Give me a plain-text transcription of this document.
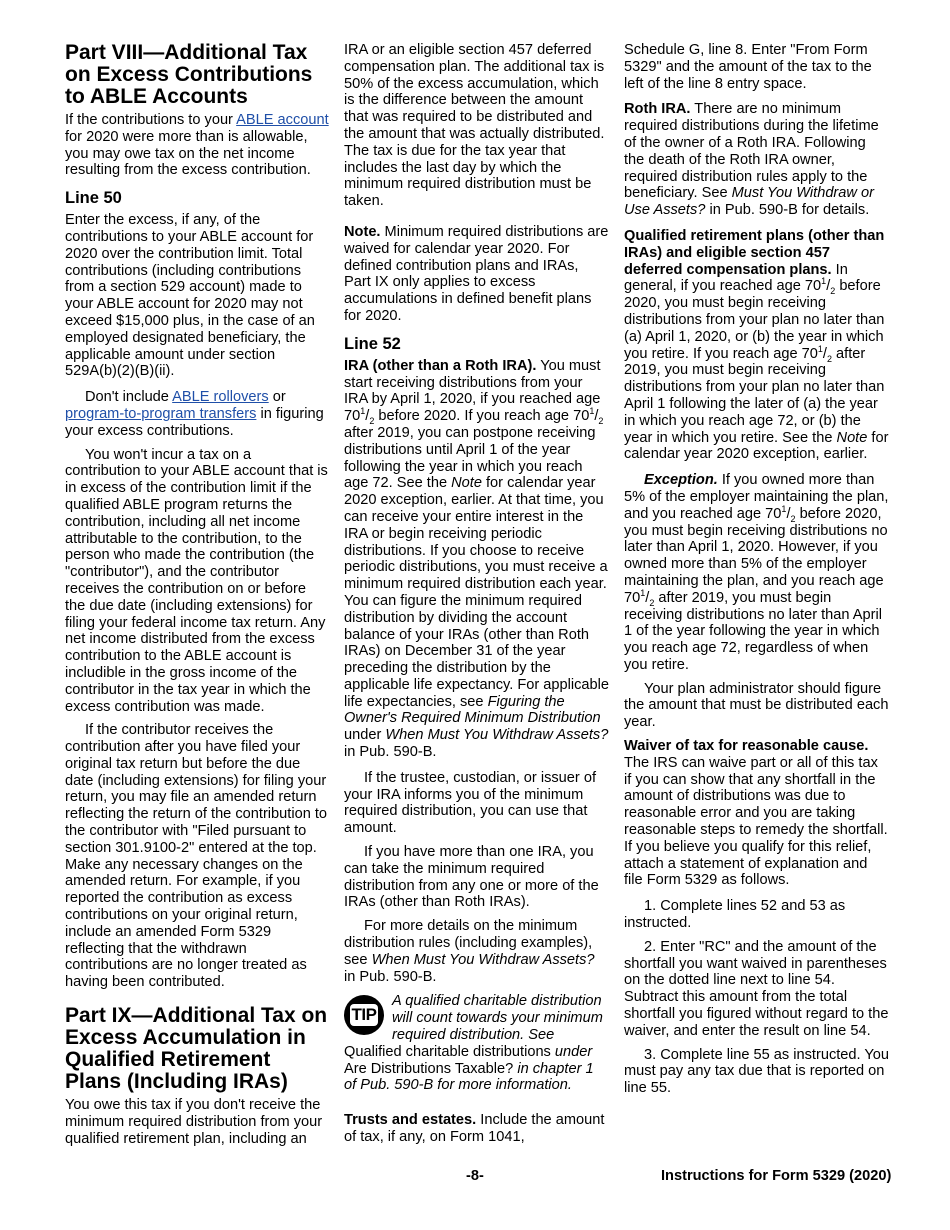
Part VIII—Additional Tax on Excess Contributions to ABLE Accounts

If the contributions to your ABLE account for 2020 were more than is allowable, you may owe tax on the net income resulting from the excess contribution.

Line 50

Enter the excess, if any, of the contributions to your ABLE account for 2020 over the contribution limit. Total contributions (including contributions from a section 529 account) made to your ABLE account for 2020 may not exceed $15,000 plus, in the case of an employed designated beneficiary, the applicable amount under section 529A(b)(2)(B)(ii).

Don't include ABLE rollovers or program-to-program transfers in figuring your excess contributions.

You won't incur a tax on a contribution to your ABLE account that is in excess of the contribution limit if the qualified ABLE program returns the contribution, including all net income attributable to the contribution, to the person who made the contribution (the "contributor"), and the contributor receives the contribution on or before the due date (including extensions) for filing your federal income tax return. Any net income distributed from the excess contribution to the ABLE account is includible in the gross income of the contributor in the tax year in which the excess contribution was made.

If the contributor receives the contribution after you have filed your original tax return but before the due date (including extensions) for filing your return, you may file an amended return reflecting the return of the contribution to the contributor with "Filed pursuant to section 301.9100-2" entered at the top. Make any necessary changes on the amended return. For example, if you reported the contribution as excess contributions on your original return, include an amended Form 5329 reflecting that the withdrawn contributions are no longer treated as having been contributed.

Part IX—Additional Tax on Excess Accumulation in Qualified Retirement Plans (Including IRAs)

You owe this tax if you don't receive the minimum required distribution from your qualified retirement plan, including an

IRA or an eligible section 457 deferred compensation plan. The additional tax is 50% of the excess accumulation, which is the difference between the amount that was required to be distributed and the amount that was actually distributed. The tax is due for the tax year that includes the last day by which the minimum required distribution must be taken.

Note. Minimum required distributions are waived for calendar year 2020. For defined contribution plans and IRAs, Part IX only applies to excess accumulations in defined benefit plans for 2020.

Line 52

IRA (other than a Roth IRA). You must start receiving distributions from your IRA by April 1, 2020, if you reached age $70^1/_2$ before 2020. If you reach age $70^1/_2$ after 2019, you can postpone receiving distributions until April 1 of the year following the year in which you reach age 72. See the Note for calendar year 2020 exception, earlier. At that time, you can receive your entire interest in the IRA or begin receiving periodic distributions. If you choose to receive periodic distributions, you must receive a minimum required distribution each year. You can figure the minimum required distribution by dividing the account balance of your IRAs (other than Roth IRAs) on December 31 of the year preceding the distribution by the applicable life expectancy. For applicable life expectancies, see Figuring the Owner's Required Minimum Distribution under When Must You Withdraw Assets? in Pub. 590-B.

If the trustee, custodian, or issuer of your IRA informs you of the minimum required distribution, you can use that amount.

If you have more than one IRA, you can take the minimum required distribution from any one or more of the IRAs (other than Roth IRAs).

For more details on the minimum distribution rules (including examples), see When Must You Withdraw Assets? in Pub. 590-B.

TIP
A qualified charitable distribution will count towards your minimum required distribution. See Qualified charitable distributions under Are Distributions Taxable? in chapter 1 of Pub. 590-B for more information.

Trusts and estates. Include the amount of tax, if any, on Form 1041,

Schedule G, line 8. Enter "From Form 5329" and the amount of the tax to the left of the line 8 entry space.

Roth IRA. There are no minimum required distributions during the lifetime of the owner of a Roth IRA. Following the death of the Roth IRA owner, required distribution rules apply to the beneficiary. See Must You Withdraw or Use Assets? in Pub. 590-B for details.

Qualified retirement plans (other than IRAs) and eligible section 457 deferred compensation plans. In general, if you reached age $70^1/_2$ before 2020, you must begin receiving distributions from your plan no later than (a) April 1, 2020, or (b) the year in which you retire. If you reach age $70^1/_2$ after 2019, you must begin receiving distributions from your plan no later than April 1 following the later of (a) the year in which you reach age 72, or (b) the year in which you retire. See the Note for calendar year 2020 exception, earlier.

Exception. If you owned more than 5% of the employer maintaining the plan, and you reached age $70^1/_2$ before 2020, you must begin receiving distributions no later than April 1, 2020. However, if you owned more than 5% of the employer maintaining the plan, and you reach age $70^1/_2$ after 2019, you must begin receiving distributions no later than April 1 of the year following the year in which you reach age 72, regardless of when you retire.

Your plan administrator should figure the amount that must be distributed each year.

Waiver of tax for reasonable cause.
The IRS can waive part or all of this tax if you can show that any shortfall in the amount of distributions was due to reasonable error and you are taking reasonable steps to remedy the shortfall. If you believe you qualify for this relief, attach a statement of explanation and file Form 5329 as follows.

1. Complete lines 52 and 53 as instructed.

2. Enter "RC" and the amount of the shortfall you want waived in parentheses on the dotted line next to line 54. Subtract this amount from the total shortfall you figured without regard to the waiver, and enter the result on line 54.

3. Complete line 55 as instructed. You must pay any tax due that is reported on line 55.

-8-	Instructions for Form 5329 (2020)
